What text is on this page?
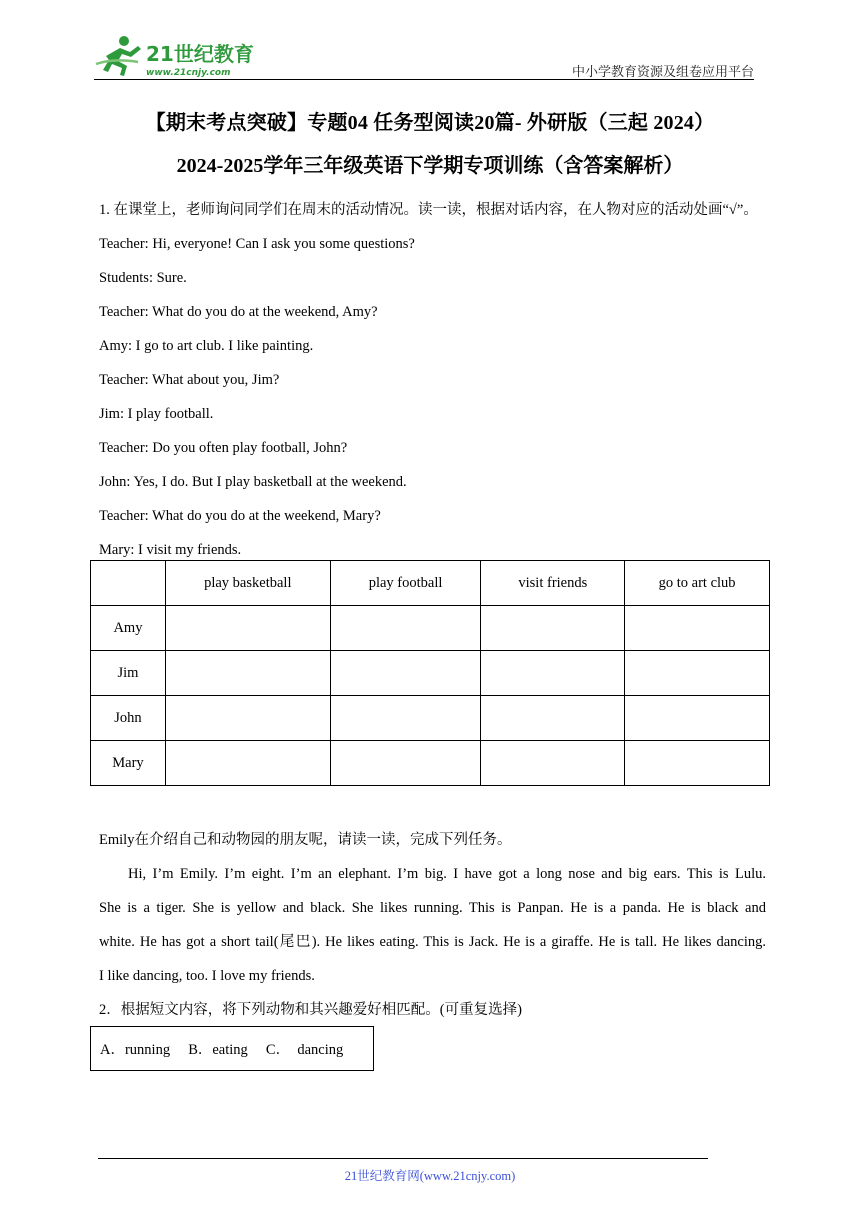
21世纪教育
www.21cnjy.com	中小学教育资源及组卷应用平台
【期末考点突破】专题04 任务型阅读20篇- 外研版（三起 2024）
2024-2025学年三年级英语下学期专项训练（含答案解析）

1. 在课堂上，老师询问同学们在周末的活动情况。读一读，根据对话内容，在人物对应的活动处画“√”。

Teacher: Hi, everyone! Can I ask you some questions?

Students: Sure.

Teacher: What do you do at the weekend, Amy?

Amy: I go to art club. I like painting.

Teacher: What about you, Jim?

Jim: I play football.

Teacher: Do you often play football, John?

John: Yes, I do. But I play basketball at the weekend.

Teacher: What do you do at the weekend, Mary?

Mary: I visit my friends.

	play basketball	play football	visit friends	go to art club
Amy				
Jim				
John				
Mary				

Emily在介绍自己和动物园的朋友呢，请读一读，完成下列任务。

Hi, I’m Emily. I’m eight. I’m an elephant. I’m big. I have got a long nose and big ears. This is Lulu.

She is a tiger. She is yellow and black. She likes running. This is Panpan. He is a panda. He is black and

white. He has got a short tail(尾巴). He likes eating. This is Jack. He is a giraffe. He is tall. He likes dancing.

I like dancing, too. I love my friends.

2．根据短文内容，将下列动物和其兴趣爱好相匹配。(可重复选择)

A．running     B．eating     C．  dancing
21世纪教育网(www.21cnjy.com)
